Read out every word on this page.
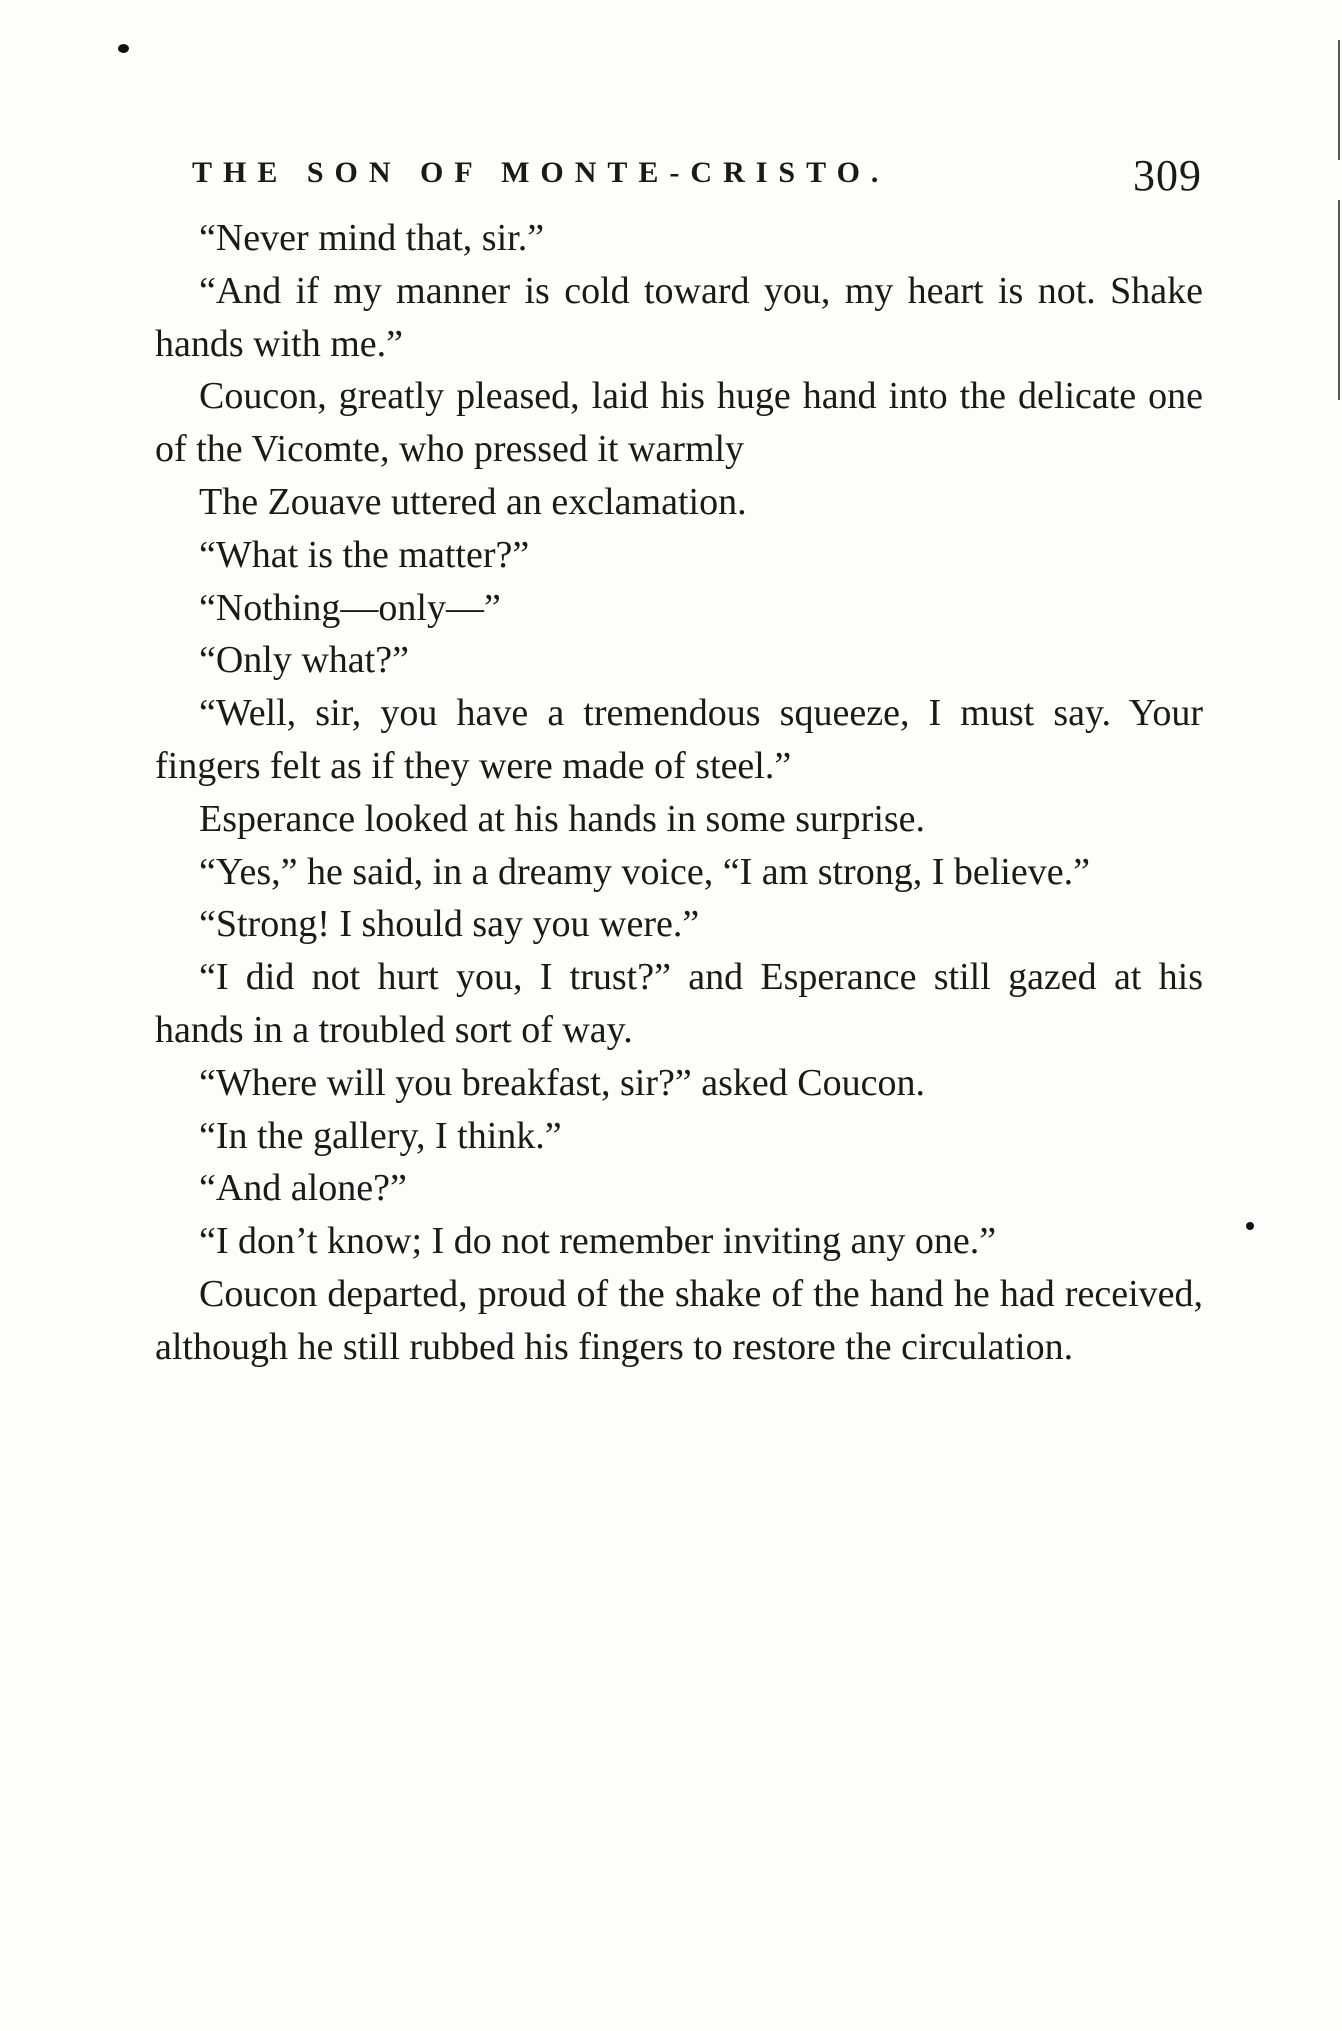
THE SON OF MONTE-CRISTO.	309

“Never mind that, sir.”

“And if my manner is cold toward you, my heart is not. Shake hands with me.”

Coucon, greatly pleased, laid his huge hand into the delicate one of the Vicomte, who pressed it warmly

The Zouave uttered an exclamation.

“What is the matter?”

“Nothing—only—”

“Only what?”

“Well, sir, you have a tremendous squeeze, I must say. Your fingers felt as if they were made of steel.”

Esperance looked at his hands in some surprise.

“Yes,” he said, in a dreamy voice, “I am strong, I believe.”

“Strong! I should say you were.”

“I did not hurt you, I trust?” and Esperance still gazed at his hands in a troubled sort of way.

“Where will you breakfast, sir?” asked Coucon.

“In the gallery, I think.”

“And alone?”

“I don’t know; I do not remember inviting any one.”

Coucon departed, proud of the shake of the hand he had received, although he still rubbed his fingers to restore the circulation.
